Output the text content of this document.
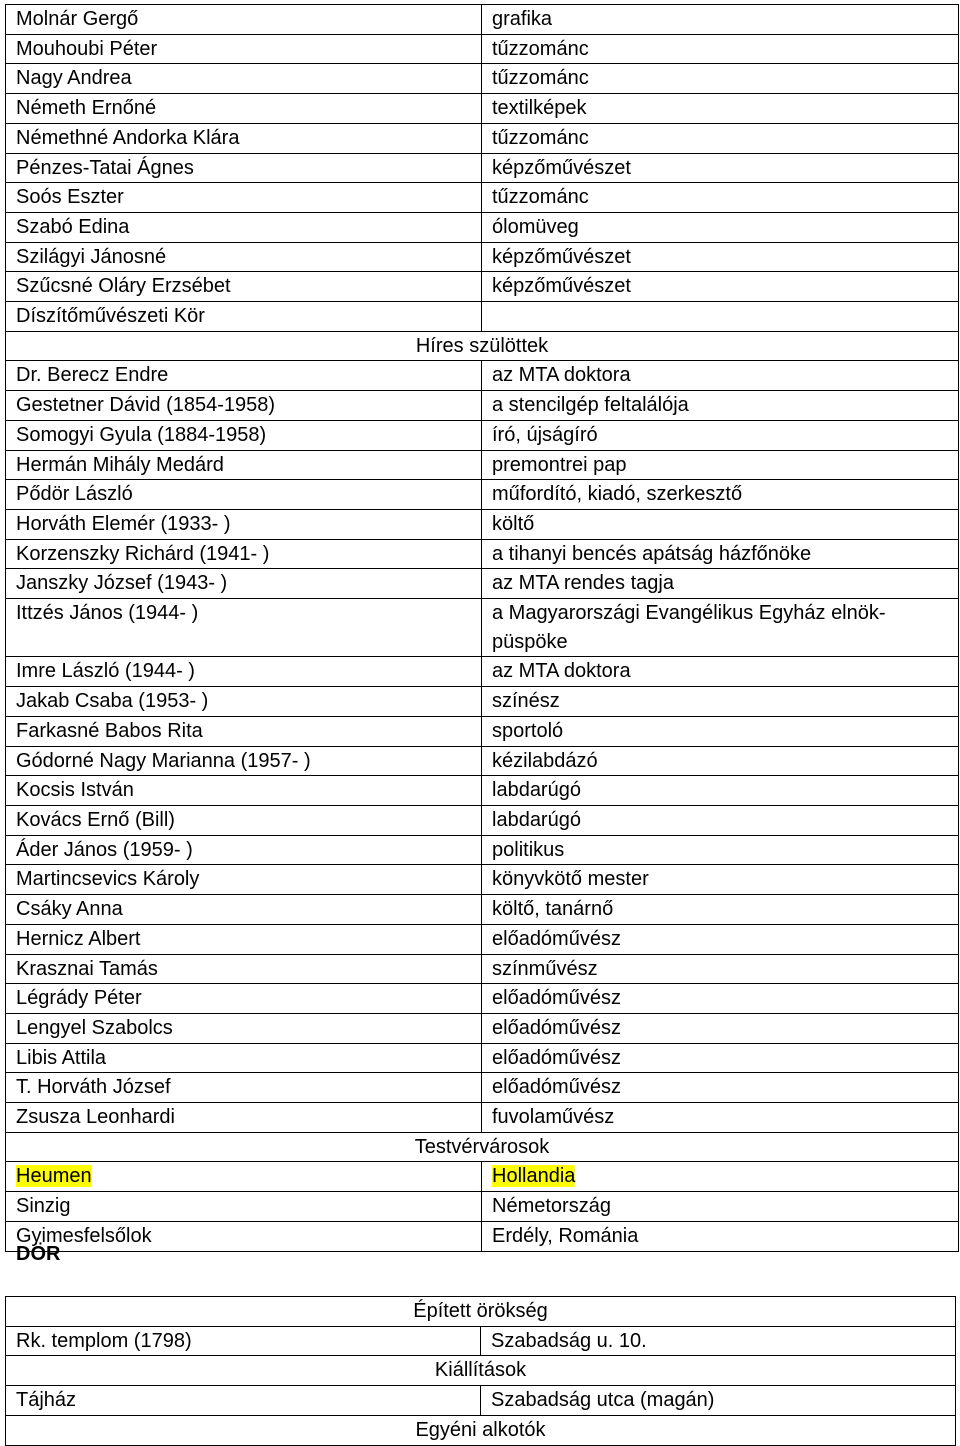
Molnár Gergő	grafika
Mouhoubi Péter	tűzzománc
Nagy Andrea	tűzzománc
Németh Ernőné	textilképek
Némethné Andorka Klára	tűzzománc
Pénzes-Tatai Ágnes	képzőművészet
Soós Eszter	tűzzománc
Szabó Edina	ólomüveg
Szilágyi Jánosné	képzőművészet
Szűcsné Oláry Erzsébet	képzőművészet
Díszítőművészeti Kör	
Híres szülöttek	
Dr. Berecz Endre	az MTA doktora
Gestetner Dávid (1854-1958)	a stencilgép feltalálója
Somogyi Gyula (1884-1958)	író, újságíró
Hermán Mihály Medárd	premontrei pap
Pődör László	műfordító, kiadó, szerkesztő
Horváth Elemér (1933- )	költő
Korzenszky Richárd (1941- )	a tihanyi bencés apátság házfőnöke
Janszky József (1943- )	az MTA rendes tagja
Ittzés János (1944- )	a Magyarországi Evangélikus Egyház elnök-püspöke
Imre László (1944- )	az MTA doktora
Jakab Csaba (1953- )	színész
Farkasné Babos Rita	sportoló
Gódorné Nagy Marianna (1957- )	kézilabdázó
Kocsis István	labdarúgó
Kovács Ernő (Bill)	labdarúgó
Áder János (1959- )	politikus
Martincsevics Károly	könyvkötő mester
Csáky Anna	költő, tanárnő
Hernicz Albert	előadóművész
Krasznai Tamás	színművész
Légrády Péter	előadóművész
Lengyel Szabolcs	előadóművész
Libis Attila	előadóművész
T. Horváth József	előadóművész
Zsusza Leonhardi	fuvolaművész
Testvérvárosok	
Heumen	Hollandia
Sinzig	Németország
Gyimesfelsőlok	Erdély, Románia
DÖR
Épített örökség	
Rk. templom (1798)	Szabadság u. 10.
Kiállítások	
Tájház	Szabadság utca (magán)
Egyéni alkotók	
